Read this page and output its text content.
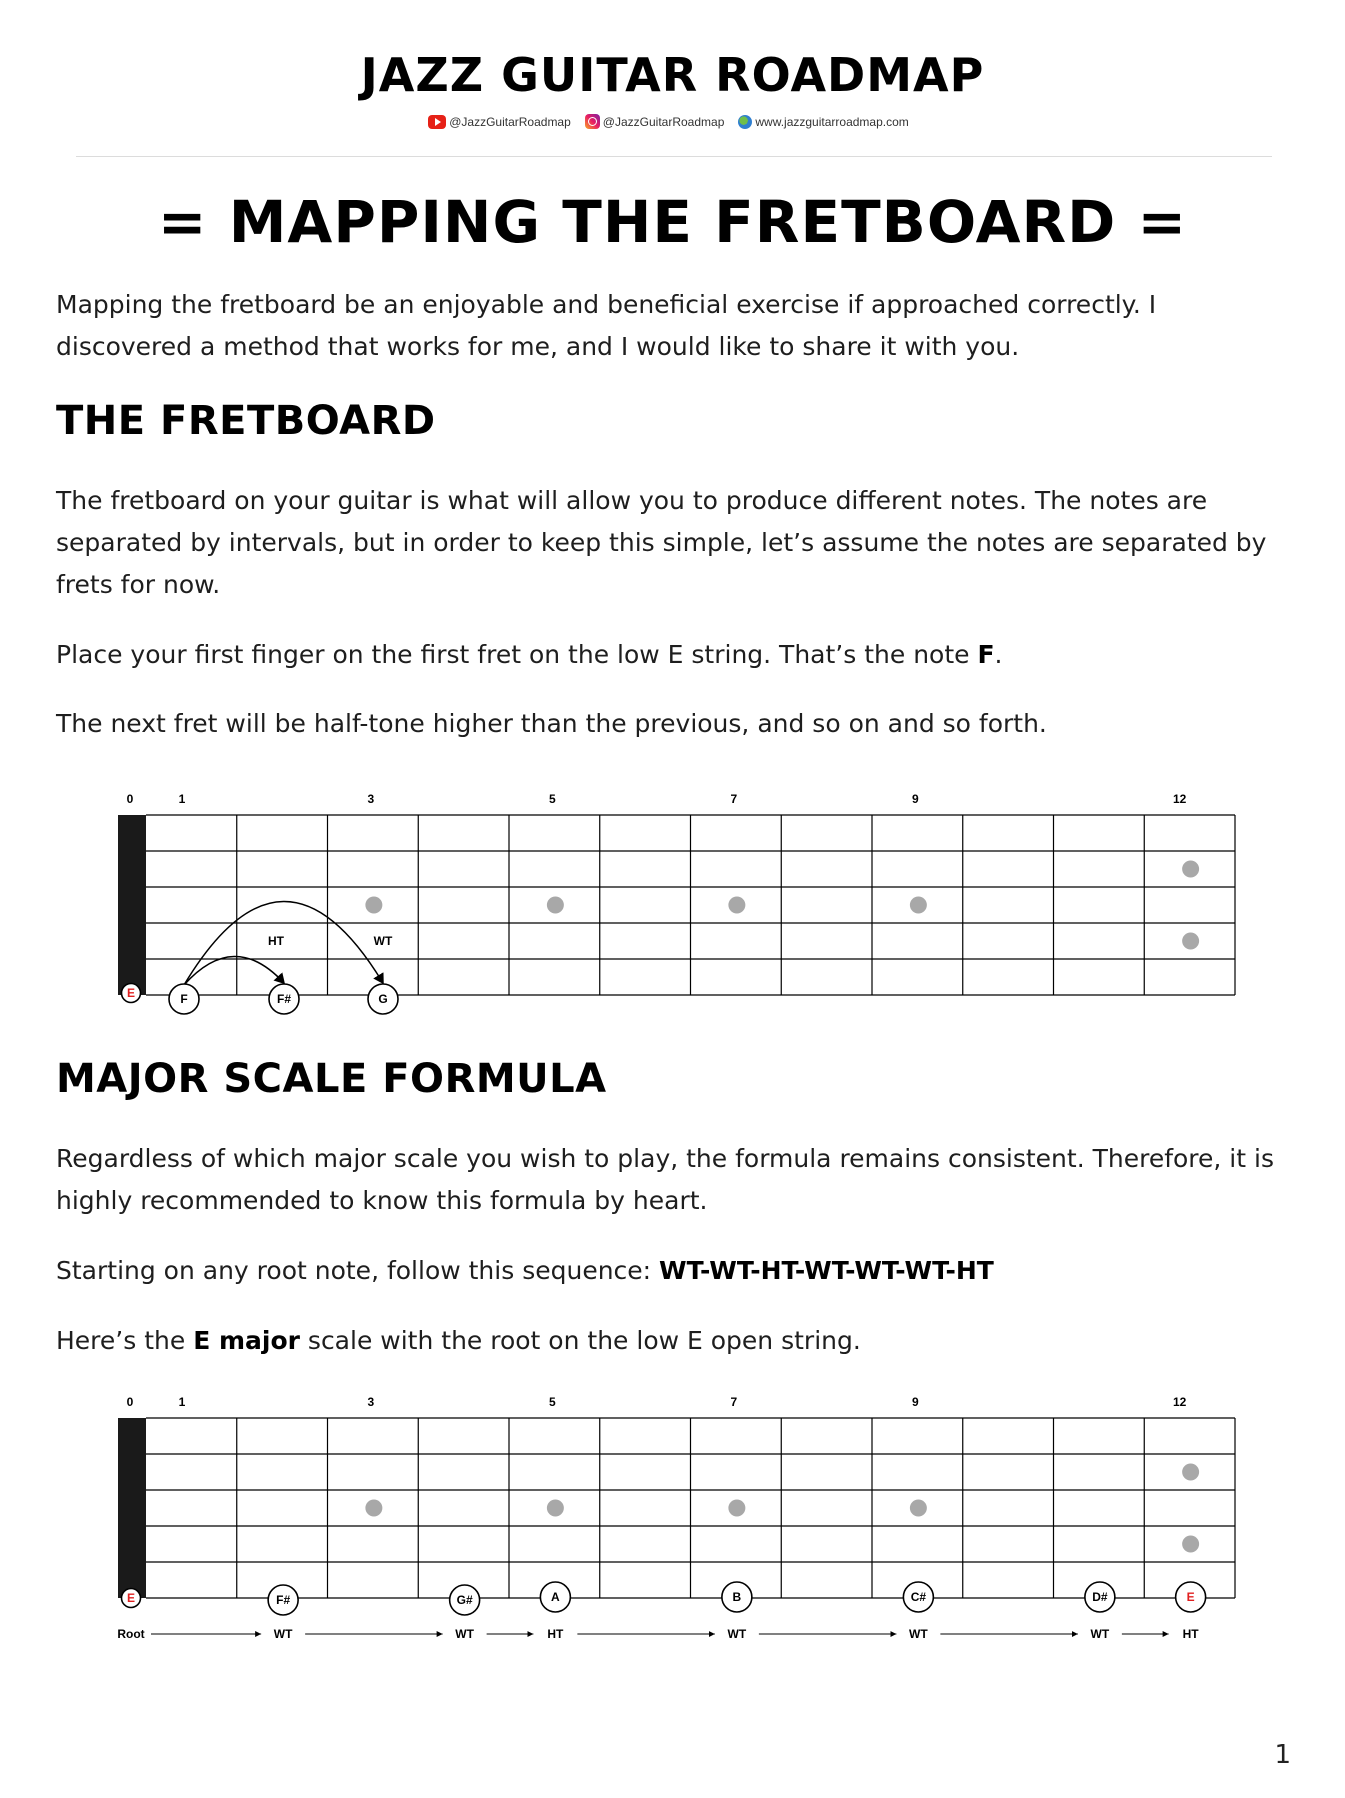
JAZZ GUITAR ROADMAP
@JazzGuitarRoadmap	@JazzGuitarRoadmap	www.jazzguitarroadmap.com
= MAPPING THE FRETBOARD =
Mapping the fretboard be an enjoyable and beneficial exercise if approached correctly. I discovered a method that works for me, and I would like to share it with you.
THE FRETBOARD
The fretboard on your guitar is what will allow you to produce different notes. The notes are separated by intervals, but in order to keep this simple, let’s assume the notes are separated by frets for now.
Place your first finger on the first fret on the low E string. That’s the note F.
The next fret will be half-tone higher than the previous, and so on and so forth.
0	1	3	5	7	9	12
E
HT	WT
F	F#	G
MAJOR SCALE FORMULA
Regardless of which major scale you wish to play, the formula remains consistent. Therefore, it is highly recommended to know this formula by heart.
Starting on any root note, follow this sequence: WT-WT-HT-WT-WT-WT-HT
Here’s the E major scale with the root on the low E open string.
0	1	3	5	7	9	12
E	F#	G#	A	B	C#	D#	E
Root	WT	WT	HT	WT	WT	WT	HT
1
